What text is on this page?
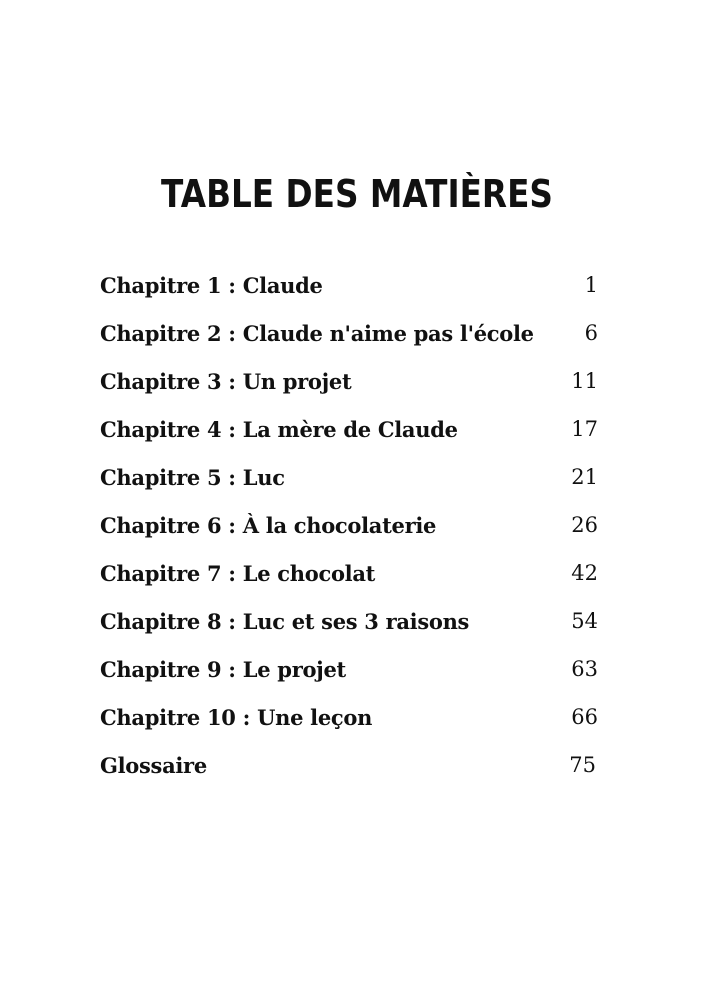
TABLE DES MATIÈRES
Chapitre 1 : Claude	1
Chapitre 2 : Claude n'aime pas l'école 6
Chapitre 3 : Un projet	11
Chapitre 4 : La mère de Claude	17
Chapitre 5 : Luc	21
Chapitre 6 : À la chocolaterie	26
Chapitre 7 : Le chocolat	42
Chapitre 8 : Luc et ses 3 raisons	54
Chapitre 9 : Le projet	63
Chapitre 10 : Une leçon	66
Glossaire	75
